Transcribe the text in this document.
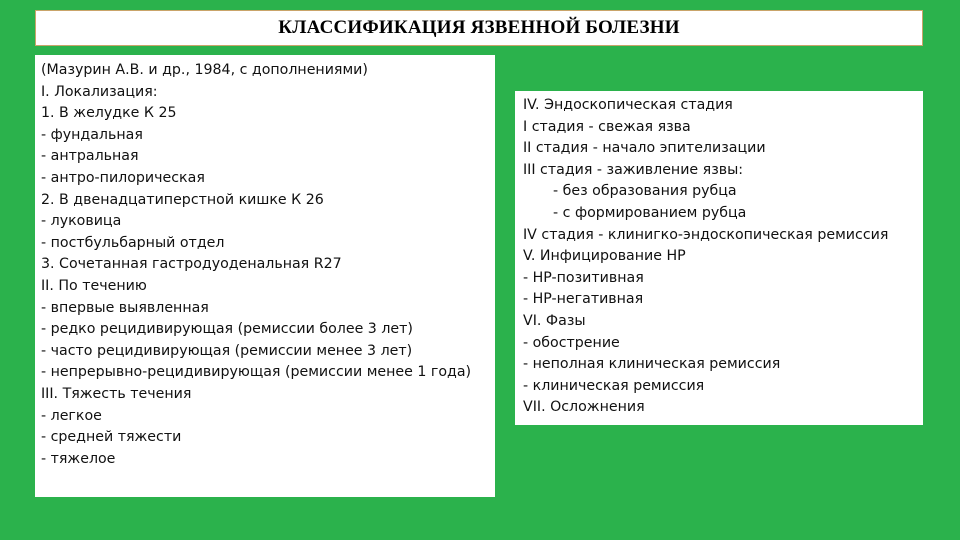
КЛАССИФИКАЦИЯ ЯЗВЕННОЙ БОЛЕЗНИ
(Мазурин А.В. и др., 1984, с дополнениями)
I. Локализация:
1. В желудке К 25
- фундальная
- антральная
- антро-пилорическая
2. В двенадцатиперстной кишке К 26
- луковица
- постбульбарный отдел
3. Сочетанная гастродуоденальная R27
II. По течению
- впервые выявленная
- редко рецидивирующая (ремиссии более 3 лет)
- часто рецидивирующая (ремиссии менее 3 лет)
- непрерывно-рецидивирующая (ремиссии менее 1 года)
III. Тяжесть течения
- легкое
- средней тяжести
- тяжелое
IV. Эндоскопическая стадия
I стадия - свежая язва
II стадия - начало эпителизации
III стадия - заживление язвы:
- без образования рубца
- с формированием рубца
IV стадия - клинигко-эндоскопическая ремиссия
V. Инфицирование HP
- HP-позитивная
- HP-негативная
VI. Фазы
- обострение
- неполная клиническая ремиссия
- клиническая ремиссия
VII. Осложнения
